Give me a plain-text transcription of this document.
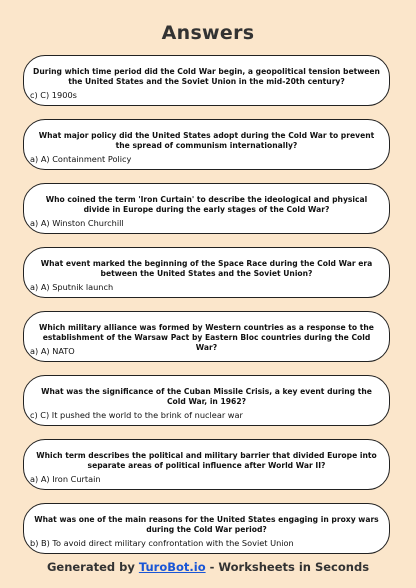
Answers
During which time period did the Cold War begin, a geopolitical tension between the United States and the Soviet Union in the mid-20th century?
c) C) 1900s
What major policy did the United States adopt during the Cold War to prevent the spread of communism internationally?
a) A) Containment Policy
Who coined the term 'Iron Curtain' to describe the ideological and physical divide in Europe during the early stages of the Cold War?
a) A) Winston Churchill
What event marked the beginning of the Space Race during the Cold War era between the United States and the Soviet Union?
a) A) Sputnik launch
Which military alliance was formed by Western countries as a response to the establishment of the Warsaw Pact by Eastern Bloc countries during the Cold War?
a) A) NATO
What was the significance of the Cuban Missile Crisis, a key event during the Cold War, in 1962?
c) C) It pushed the world to the brink of nuclear war
Which term describes the political and military barrier that divided Europe into separate areas of political influence after World War II?
a) A) Iron Curtain
What was one of the main reasons for the United States engaging in proxy wars during the Cold War period?
b) B) To avoid direct military confrontation with the Soviet Union
Generated by TuroBot.io - Worksheets in Seconds
